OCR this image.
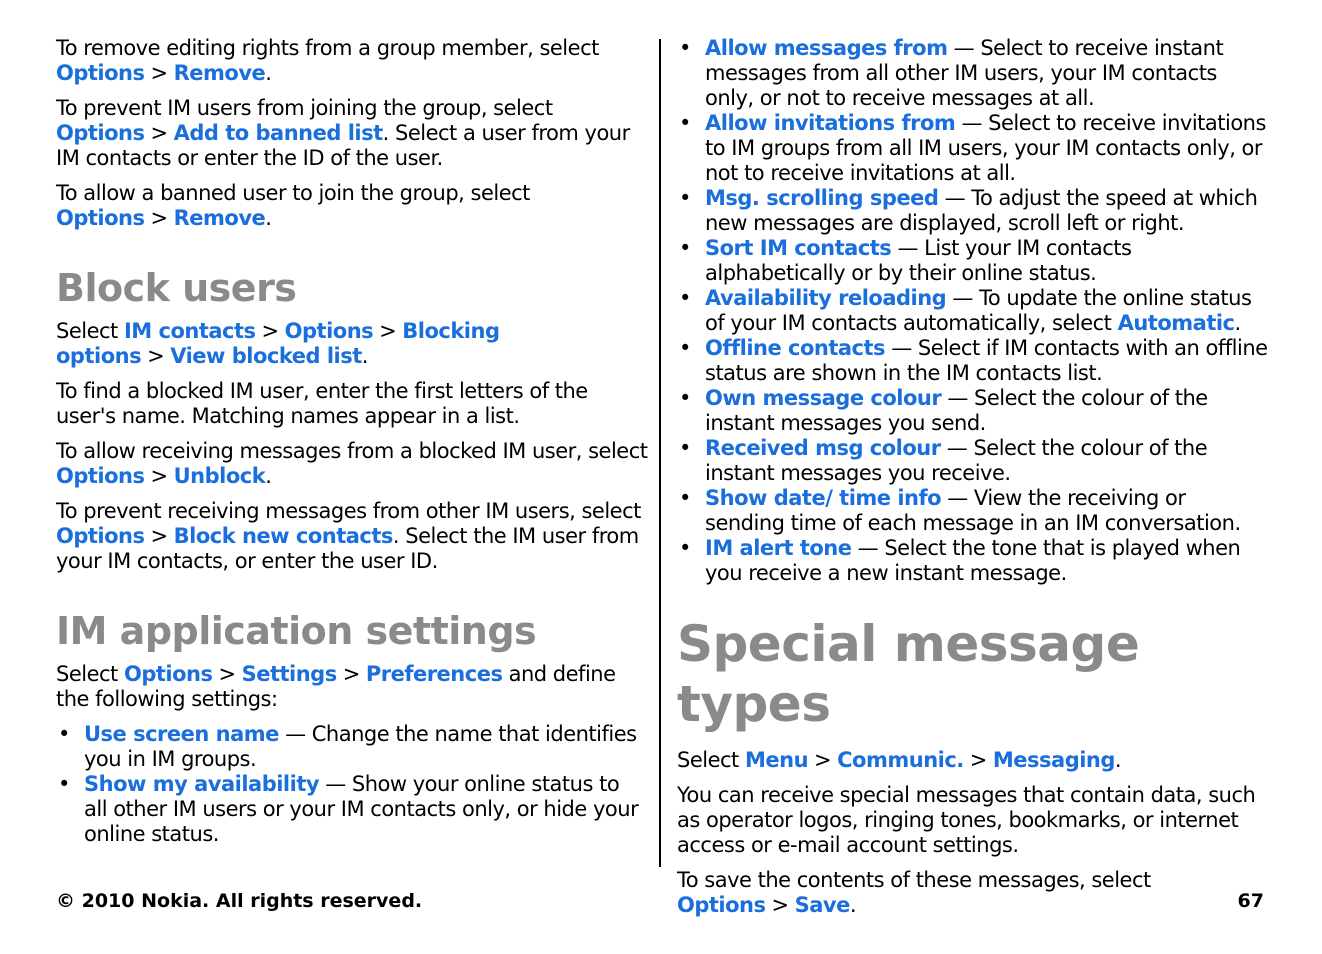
To remove editing rights from a group member, select Options > Remove.

To prevent IM users from joining the group, select Options > Add to banned list. Select a user from your IM contacts or enter the ID of the user.

To allow a banned user to join the group, select Options > Remove.

Block users

Select IM contacts > Options > Blocking options > View blocked list.

To find a blocked IM user, enter the first letters of the user's name. Matching names appear in a list.

To allow receiving messages from a blocked IM user, select Options > Unblock.

To prevent receiving messages from other IM users, select Options > Block new contacts. Select the IM user from your IM contacts, or enter the user ID.

IM application settings

Select Options > Settings > Preferences and define the following settings:

• Use screen name — Change the name that identifies you in IM groups.
• Show my availability — Show your online status to all other IM users or your IM contacts only, or hide your online status.
• Allow messages from — Select to receive instant messages from all other IM users, your IM contacts only, or not to receive messages at all.
• Allow invitations from — Select to receive invitations to IM groups from all IM users, your IM contacts only, or not to receive invitations at all.
• Msg. scrolling speed — To adjust the speed at which new messages are displayed, scroll left or right.
• Sort IM contacts — List your IM contacts alphabetically or by their online status.
• Availability reloading — To update the online status of your IM contacts automatically, select Automatic.
• Offline contacts — Select if IM contacts with an offline status are shown in the IM contacts list.
• Own message colour — Select the colour of the instant messages you send.
• Received msg colour — Select the colour of the instant messages you receive.
• Show date/ time info — View the receiving or sending time of each message in an IM conversation.
• IM alert tone — Select the tone that is played when you receive a new instant message.
Special message types

Select Menu > Communic. > Messaging.

You can receive special messages that contain data, such as operator logos, ringing tones, bookmarks, or internet access or e-mail account settings.

To save the contents of these messages, select Options > Save.

© 2010 Nokia. All rights reserved.	67
